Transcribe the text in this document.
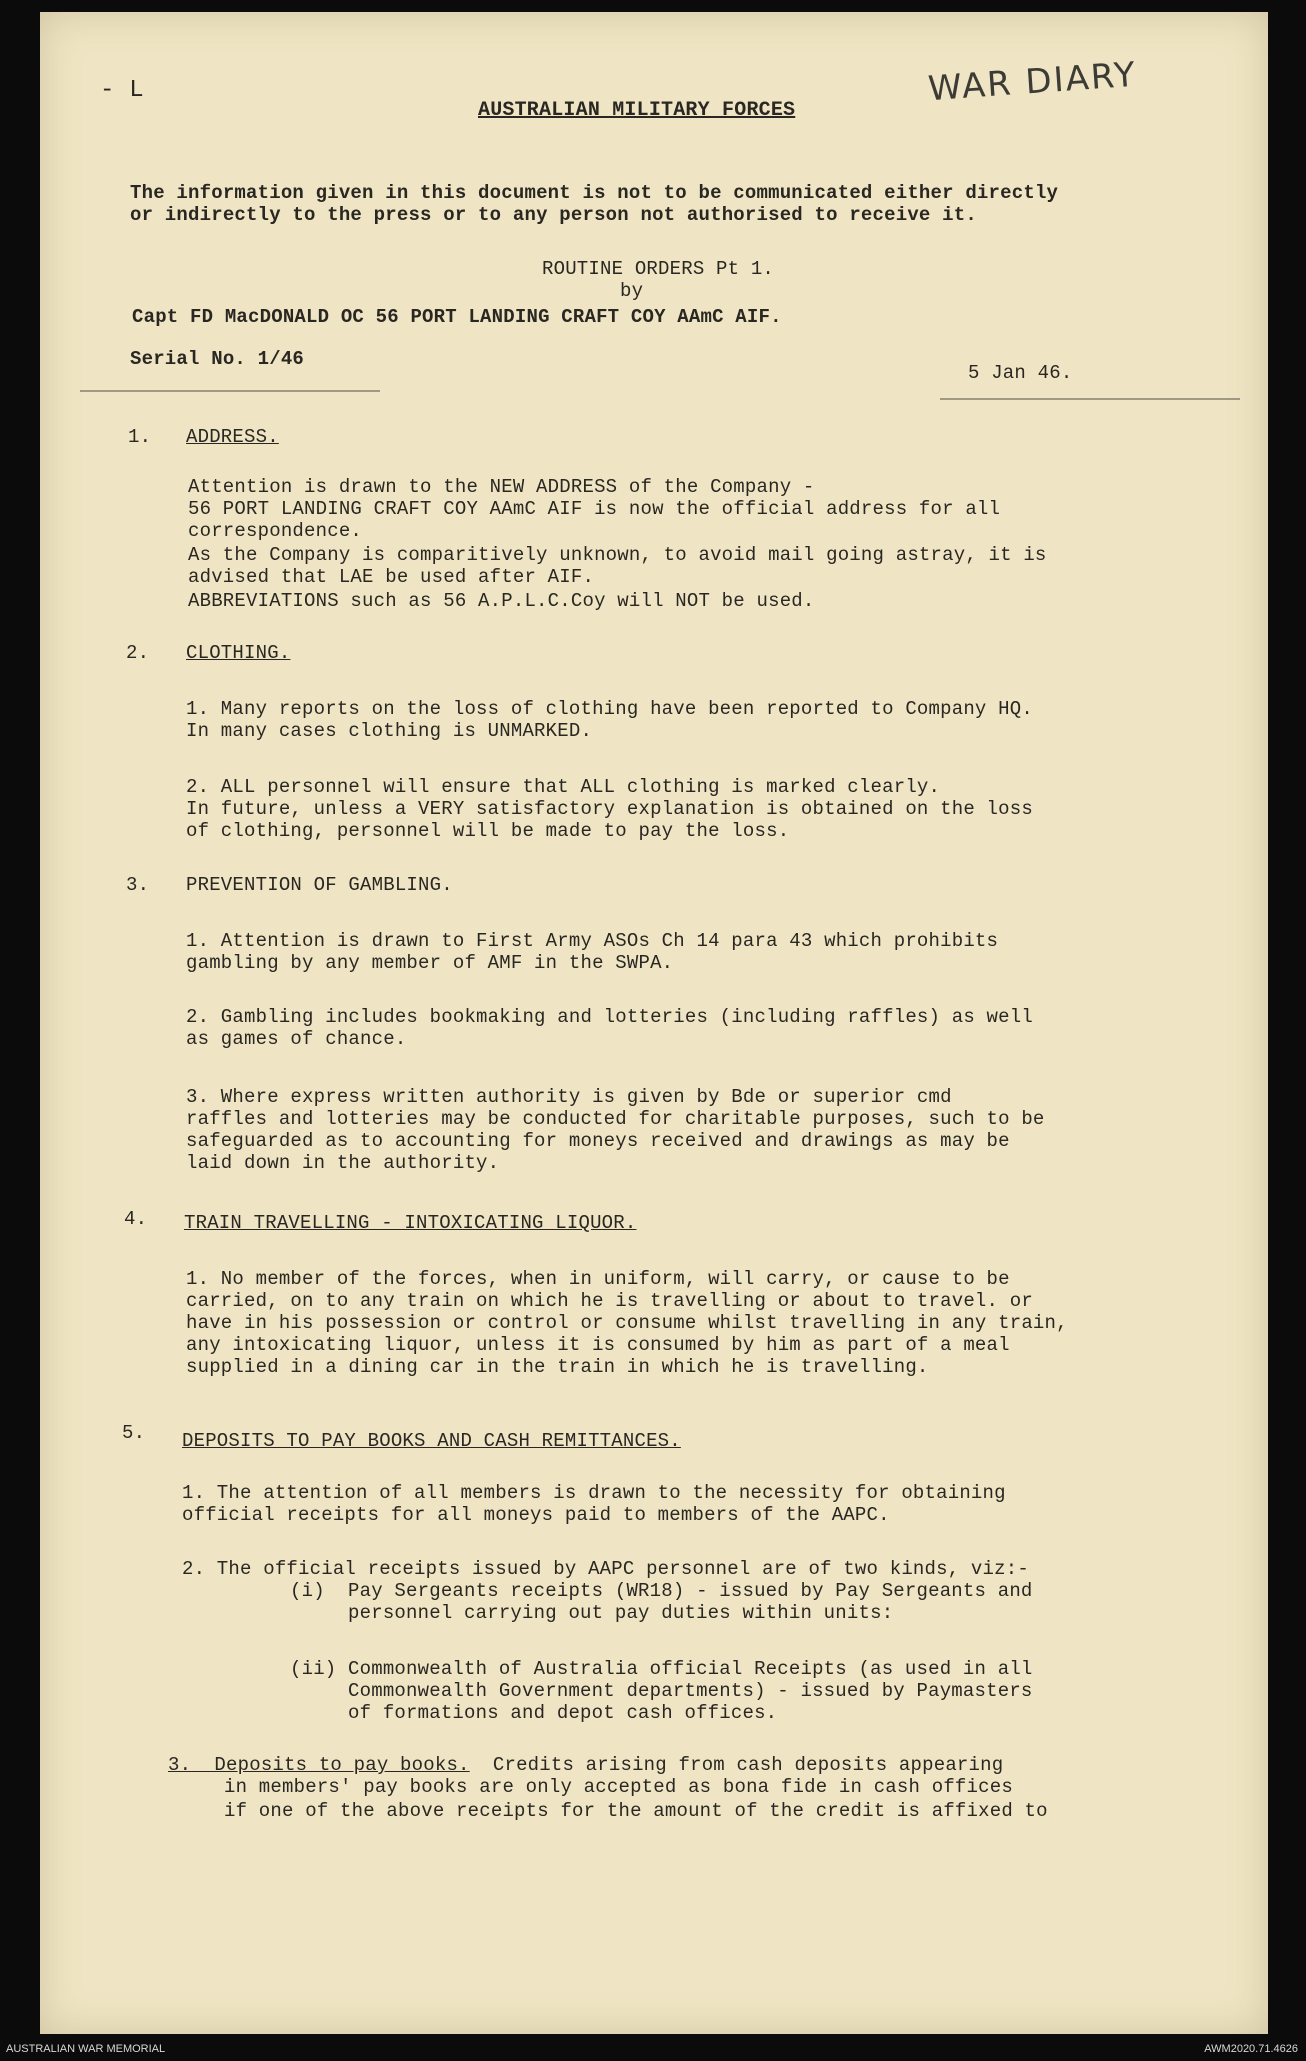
WAR DIARY
- L
AUSTRALIAN MILITARY FORCES
The information given in this document is not to be communicated either directly
or indirectly to the press or to any person not authorised to receive it.
ROUTINE ORDERS Pt 1.
by
Capt FD MacDONALD OC 56 PORT LANDING CRAFT COY AAmC AIF.
Serial No. 1/46
5 Jan 46.
1. ADDRESS.
Attention is drawn to the NEW ADDRESS of the Company -
56 PORT LANDING CRAFT COY AAmC AIF is now the official address for all
correspondence.
As the Company is comparitively unknown, to avoid mail going astray, it is
advised that LAE be used after AIF.
ABBREVIATIONS such as 56 A.P.L.C.Coy will NOT be used.
2. CLOTHING.
1. Many reports on the loss of clothing have been reported to Company HQ.
In many cases clothing is UNMARKED.
2. ALL personnel will ensure that ALL clothing is marked clearly.
In future, unless a VERY satisfactory explanation is obtained on the loss
of clothing, personnel will be made to pay the loss.
3. PREVENTION OF GAMBLING.
1. Attention is drawn to First Army ASOs Ch 14 para 43 which prohibits
gambling by any member of AMF in the SWPA.
2. Gambling includes bookmaking and lotteries (including raffles) as well
as games of chance.
3. Where express written authority is given by Bde or superior cmd
raffles and lotteries may be conducted for charitable purposes, such to be
safeguarded as to accounting for moneys received and drawings as may be
laid down in the authority.
4. TRAIN TRAVELLING - INTOXICATING LIQUOR.
1. No member of the forces, when in uniform, will carry, or cause to be
carried, on to any train on which he is travelling or about to travel. or
have in his possession or control or consume whilst travelling in any train,
any intoxicating liquor, unless it is consumed by him as part of a meal
supplied in a dining car in the train in which he is travelling.
5. DEPOSITS TO PAY BOOKS AND CASH REMITTANCES.
1. The attention of all members is drawn to the necessity for obtaining
official receipts for all moneys paid to members of the AAPC.
2. The official receipts issued by AAPC personnel are of two kinds, viz:-
(i)  Pay Sergeants receipts (WR18) - issued by Pay Sergeants and
personnel carrying out pay duties within units:
(ii) Commonwealth of Australia official Receipts (as used in all
Commonwealth Government departments) - issued by Paymasters
of formations and depot cash offices.
3.  Deposits to pay books.  Credits arising from cash deposits appearing
in members' pay books are only accepted as bona fide in cash offices
if one of the above receipts for the amount of the credit is affixed to
AUSTRALIAN WAR MEMORIAL	AWM2020.71.4626
